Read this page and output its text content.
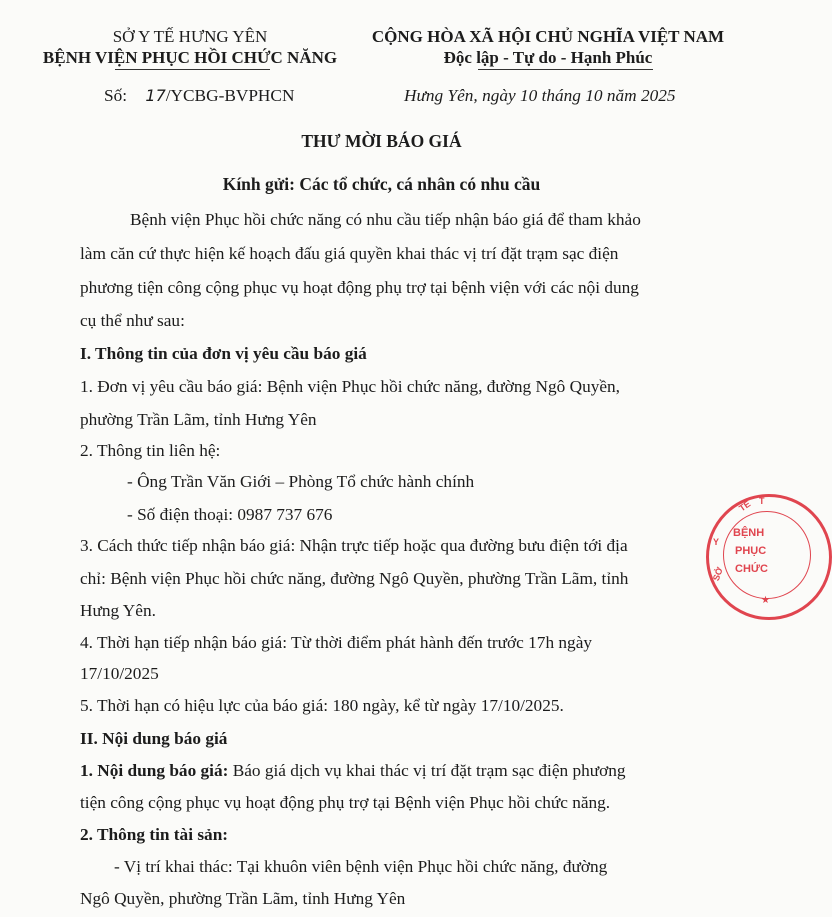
SỞ Y TẾ HƯNG YÊN
BỆNH VIỆN PHỤC HỒI CHỨC NĂNG
CỘNG HÒA XÃ HỘI CHỦ NGHĨA VIỆT NAM
Độc lập - Tự do - Hạnh Phúc
Số: 17/YCBG-BVPHCN	Hưng Yên, ngày 10 tháng 10 năm 2025
THƯ MỜI BÁO GIÁ
Kính gửi: Các tổ chức, cá nhân có nhu cầu
Bệnh viện Phục hồi chức năng có nhu cầu tiếp nhận báo giá để tham khảo
làm căn cứ thực hiện kế hoạch đấu giá quyền khai thác vị trí đặt trạm sạc điện
phương tiện công cộng phục vụ hoạt động phụ trợ tại bệnh viện với các nội dung
cụ thể như sau:
I. Thông tin của đơn vị yêu cầu báo giá
1. Đơn vị yêu cầu báo giá: Bệnh viện Phục hồi chức năng, đường Ngô Quyền,
phường Trần Lãm, tỉnh Hưng Yên
2. Thông tin liên hệ:
- Ông Trần Văn Giới – Phòng Tổ chức hành chính
- Số điện thoại: 0987 737 676
3. Cách thức tiếp nhận báo giá: Nhận trực tiếp hoặc qua đường bưu điện tới địa
chỉ: Bệnh viện Phục hồi chức năng, đường Ngô Quyền, phường Trần Lãm, tỉnh
Hưng Yên.
4. Thời hạn tiếp nhận báo giá: Từ thời điểm phát hành đến trước 17h ngày
17/10/2025
5. Thời hạn có hiệu lực của báo giá: 180 ngày, kể từ ngày 17/10/2025.
II. Nội dung báo giá
1. Nội dung báo giá: Báo giá dịch vụ khai thác vị trí đặt trạm sạc điện phương
tiện công cộng phục vụ hoạt động phụ trợ tại Bệnh viện Phục hồi chức năng.
2. Thông tin tài sản:
- Vị trí khai thác: Tại khuôn viên bệnh viện Phục hồi chức năng, đường
Ngô Quyền, phường Trần Lãm, tỉnh Hưng Yên
TẾ T
Y
SỞ
BỆNH
PHỤC
CHỨC
★
